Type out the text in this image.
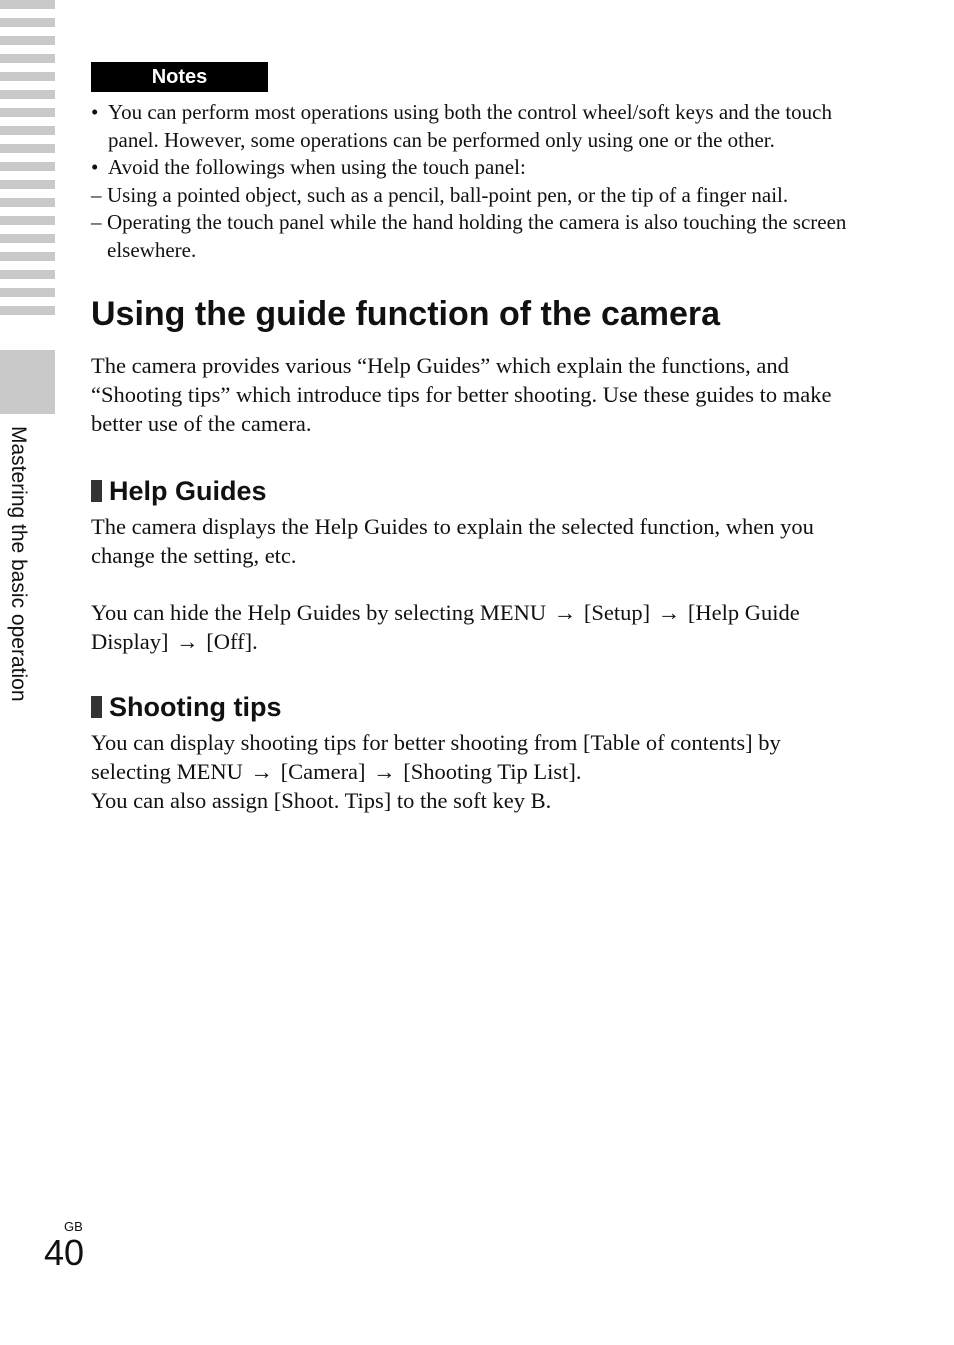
Mastering the basic operation
Notes
• You can perform most operations using both the control wheel/soft keys and the touch panel. However, some operations can be performed only using one or the other.
• Avoid the followings when using the touch panel:
– Using a pointed object, such as a pencil, ball-point pen, or the tip of a finger nail.
– Operating the touch panel while the hand holding the camera is also touching the screen elsewhere.
Using the guide function of the camera

The camera provides various “Help Guides” which explain the functions, and “Shooting tips” which introduce tips for better shooting. Use these guides to make better use of the camera.

Help Guides

The camera displays the Help Guides to explain the selected function, when you change the setting, etc.

You can hide the Help Guides by selecting MENU → [Setup] → [Help Guide Display] → [Off].

Shooting tips

You can display shooting tips for better shooting from [Table of contents] by selecting MENU → [Camera] → [Shooting Tip List].

You can also assign [Shoot. Tips] to the soft key B.

GB
40
